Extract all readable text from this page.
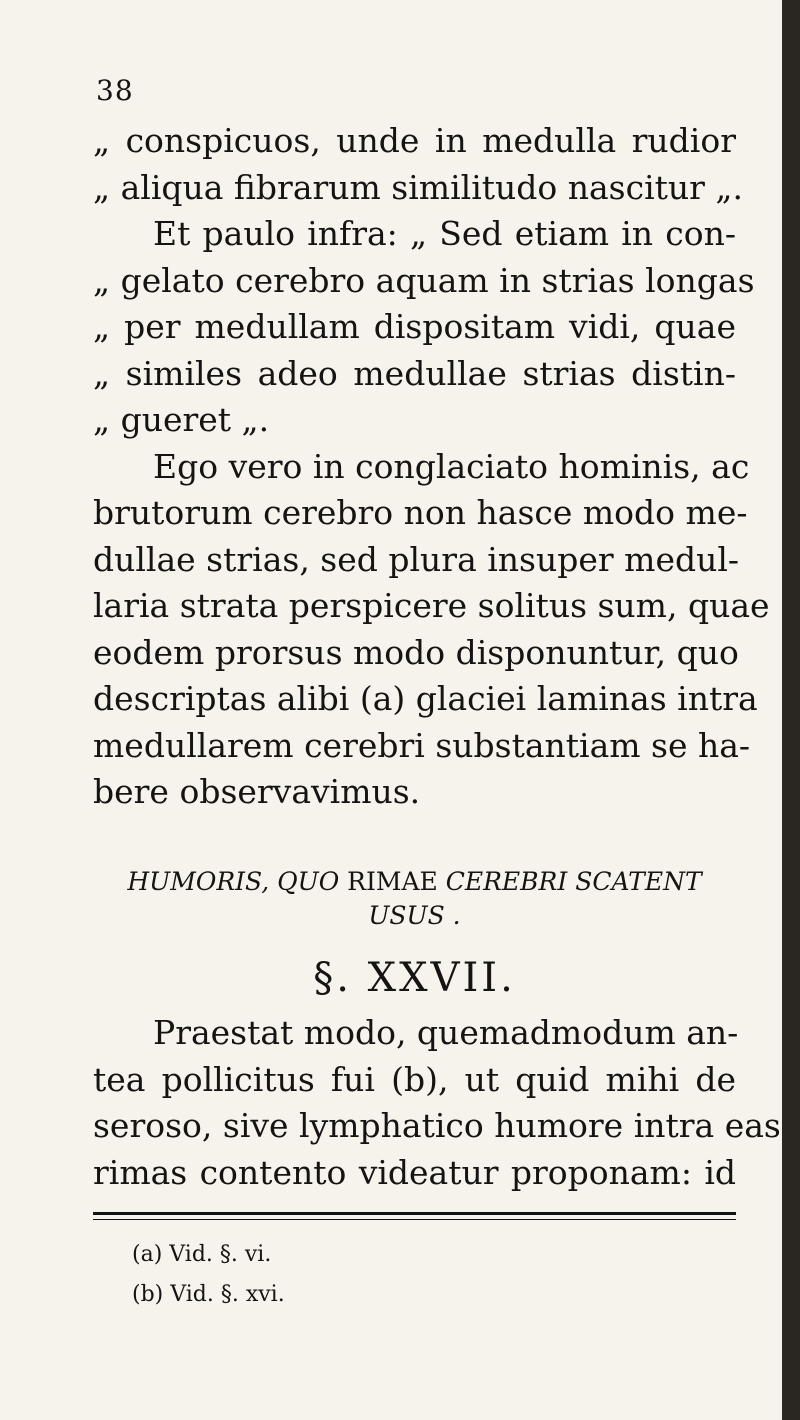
38
„ conspicuos, unde in medulla rudior
„ aliqua fibrarum similitudo nascitur „.
Et paulo infra: „ Sed etiam in con-
„ gelato cerebro aquam in strias longas
„ per medullam dispositam vidi, quae
„ similes adeo medullae strias distin-
„ gueret „.
Ego vero in conglaciato hominis, ac
brutorum cerebro non hasce modo me-
dullae strias, sed plura insuper medul-
laria strata perspicere solitus sum, quae
eodem prorsus modo disponuntur, quo
descriptas alibi (a) glaciei laminas intra
medullarem cerebri substantiam se ha-
bere observavimus.
HUMORIS, QUO RIMAE CEREBRI SCATENT
USUS .
§. XXVII.
Praestat modo, quemadmodum an-
tea pollicitus fui (b), ut quid mihi de
seroso, sive lymphatico humore intra eas
rimas contento videatur proponam: id
(a) Vid. §. vi.
(b) Vid. §. xvi.
